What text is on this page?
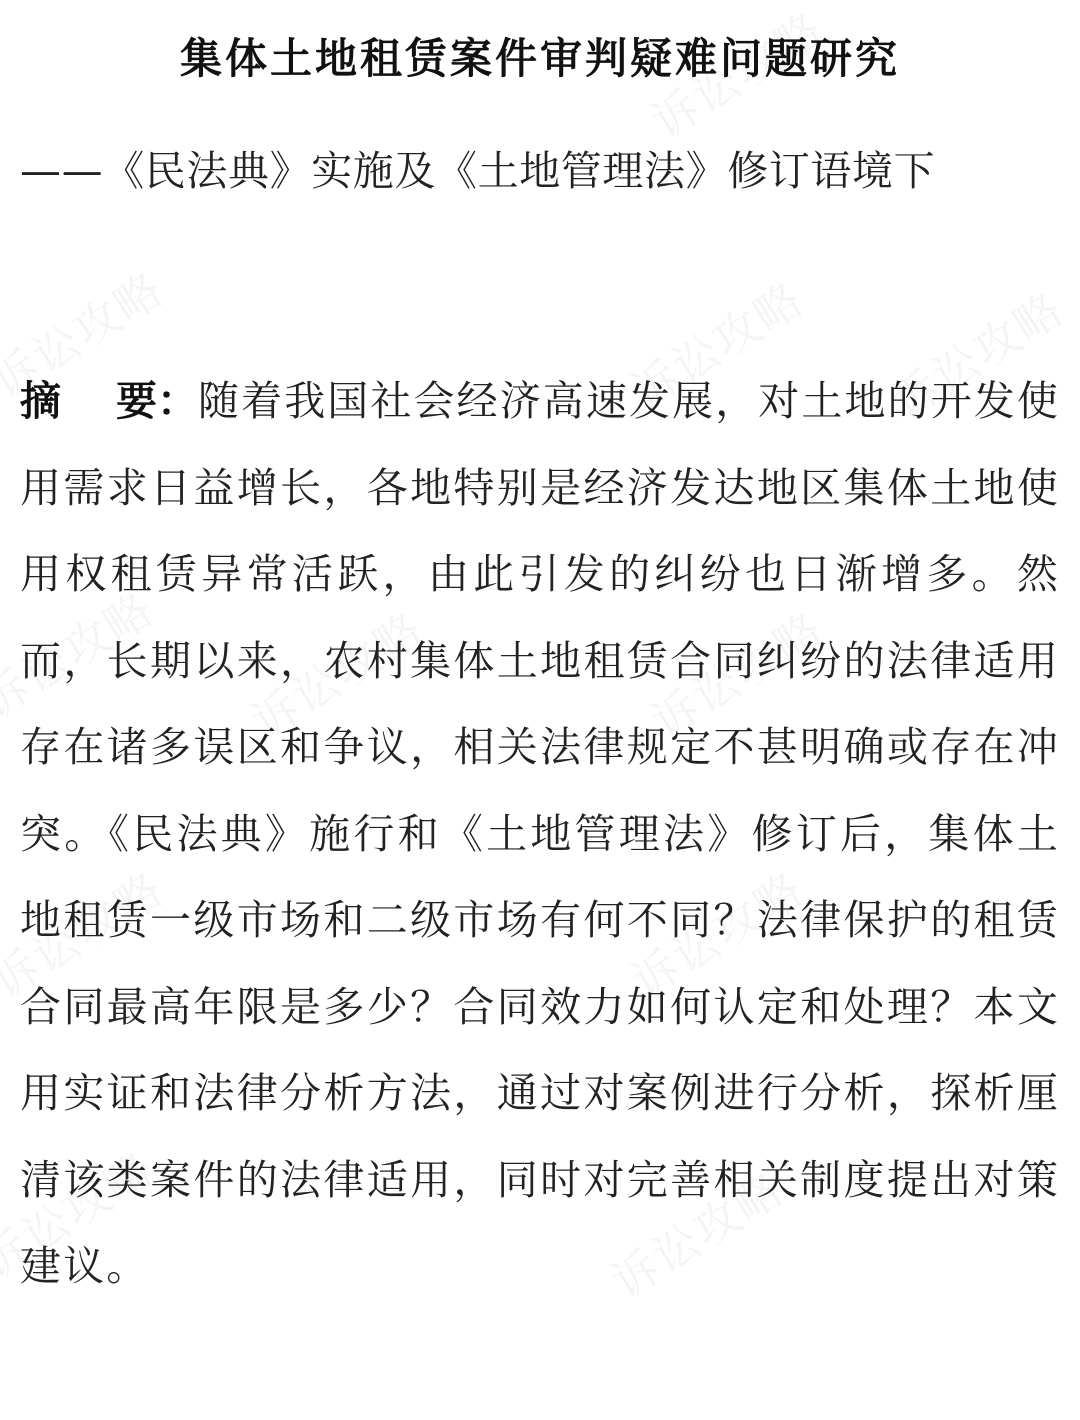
集体土地租赁案件审判疑难问题研究
——《民法典》实施及《土地管理法》修订语境下

摘 要：随着我国社会经济高速发展，对土地的开发使用需求日益增长，各地特别是经济发达地区集体土地使用权租赁异常活跃，由此引发的纠纷也日渐增多。然而，长期以来，农村集体土地租赁合同纠纷的法律适用存在诸多误区和争议，相关法律规定不甚明确或存在冲突。《民法典》施行和《土地管理法》修订后，集体土地租赁一级市场和二级市场有何不同？法律保护的租赁合同最高年限是多少？合同效力如何认定和处理？本文用实证和法律分析方法，通过对案例进行分析，探析厘清该类案件的法律适用，同时对完善相关制度提出对策建议。
